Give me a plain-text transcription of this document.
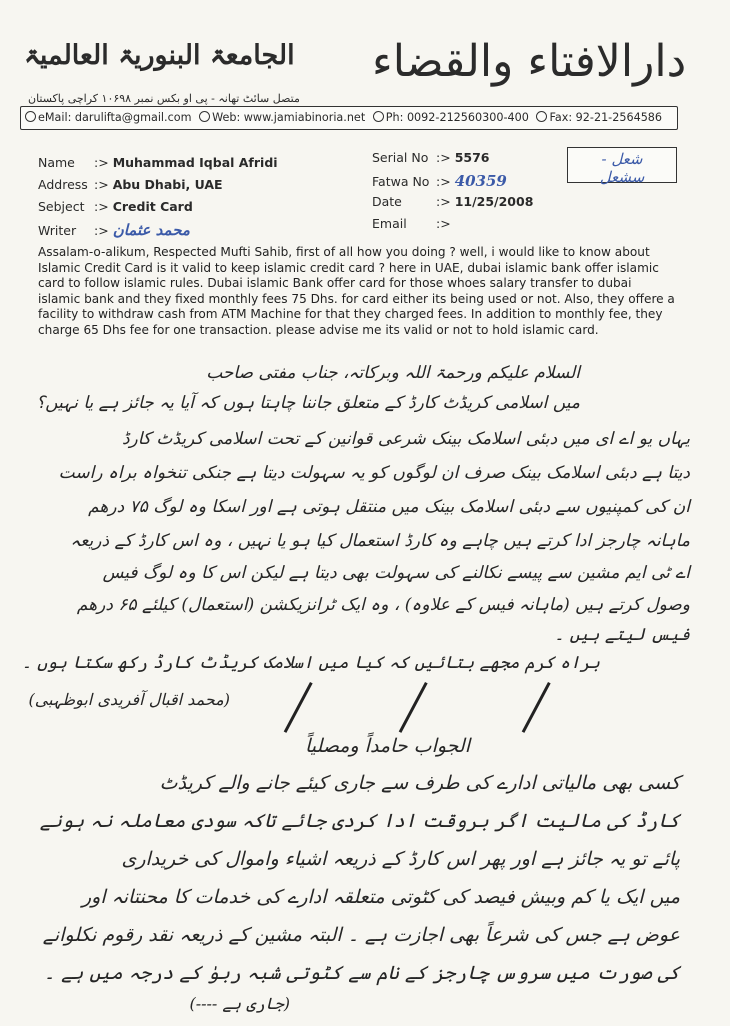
الجامعۃ البنوریۃ العالمیۃ
متصل سائٹ تھانہ - پی او بکس نمبر ۱۰۶۹۸ کراچی پاکستان
دارالافتاء والقضاء
eMail: darulifta@gmail.com Web: www.jamiabinoria.net Ph: 0092-212560300-400 Fax: 92-21-2564586
Name :> Muhammad Iqbal Afridi
Address :> Abu Dhabi, UAE
Sebject :> Credit Card
Writer :> محمد عثمان
Serial No :> 5576
Fatwa No :> 40359
Date	:> 11/25/2008
Email :>
شعل - سشعل
Assalam-o-alikum, Respected Mufti Sahib, first of all how you doing ? well, i would like to know about Islamic Credit Card is it valid to keep islamic credit card ? here in UAE, dubai islamic bank offer islamic card to follow islamic rules. Dubai islamic Bank offer card for those whoes salary transfer to dubai islamic bank and they fixed monthly fees 75 Dhs. for card either its being used or not. Also, they offere a facility to withdraw cash from ATM Machine for that they charged fees. In addition to monthly fee, they charge 65 Dhs fee for one transaction. please advise me its valid or not to hold islamic card.
السلام علیکم ورحمۃ اللہ وبرکاتہ، جناب مفتی صاحب
میں اسلامی کریڈٹ کارڈ کے متعلق جاننا چاہتا ہوں کہ آیا یہ جائز ہے یا نہیں؟
یہاں یو اے ای میں دبئی اسلامک بینک شرعی قوانین کے تحت اسلامی کریڈٹ کارڈ
دیتا ہے دبئی اسلامک بینک صرف ان لوگوں کو یہ سہولت دیتا ہے جنکی تنخواہ براہ راست
ان کی کمپنیوں سے دبئی اسلامک بینک میں منتقل ہوتی ہے اور اسکا وہ لوگ ۷۵ درھم
ماہانہ چارجز ادا کرتے ہیں چاہے وہ کارڈ استعمال کیا ہو یا نہیں ، وہ اس کارڈ کے ذریعہ
اے ٹی ایم مشین سے پیسے نکالنے کی سہولت بھی دیتا ہے لیکن اس کا وہ لوگ فیس
وصول کرتے ہیں (ماہانہ فیس کے علاوہ) ، وہ ایک ٹرانزیکشن (استعمال) کیلئے ۶۵ درھم
فیس لیتے ہیں ۔
براہ کرم مجھے بتائیں کہ کیا میں اسلامک کریڈٹ کارڈ رکھ سکتا ہوں ۔
(محمد اقبال آفریدی ابوظہبی)
الجواب حامداً ومصلیاً
کسی بھی مالیاتی ادارے کی طرف سے جاری کیئے جانے والے کریڈٹ
کارڈ کی مالیت اگر بروقت ادا کردی جائے تاکہ سودی معاملہ نہ ہونے
پائے تو یہ جائز ہے اور پھر اس کارڈ کے ذریعہ اشیاء واموال کی خریداری
میں ایک یا کم وبیش فیصد کی کٹوتی متعلقہ ادارے کی خدمات کا محنتانہ اور
عوض ہے جس کی شرعاً بھی اجازت ہے ۔ البتہ مشین کے ذریعہ نقد رقوم نکلوانے
کی صورت میں سروس چارجز کے نام سے کٹوتی شبہ ربوٰ کے درجہ میں ہے ۔
(جاری ہے ----)
